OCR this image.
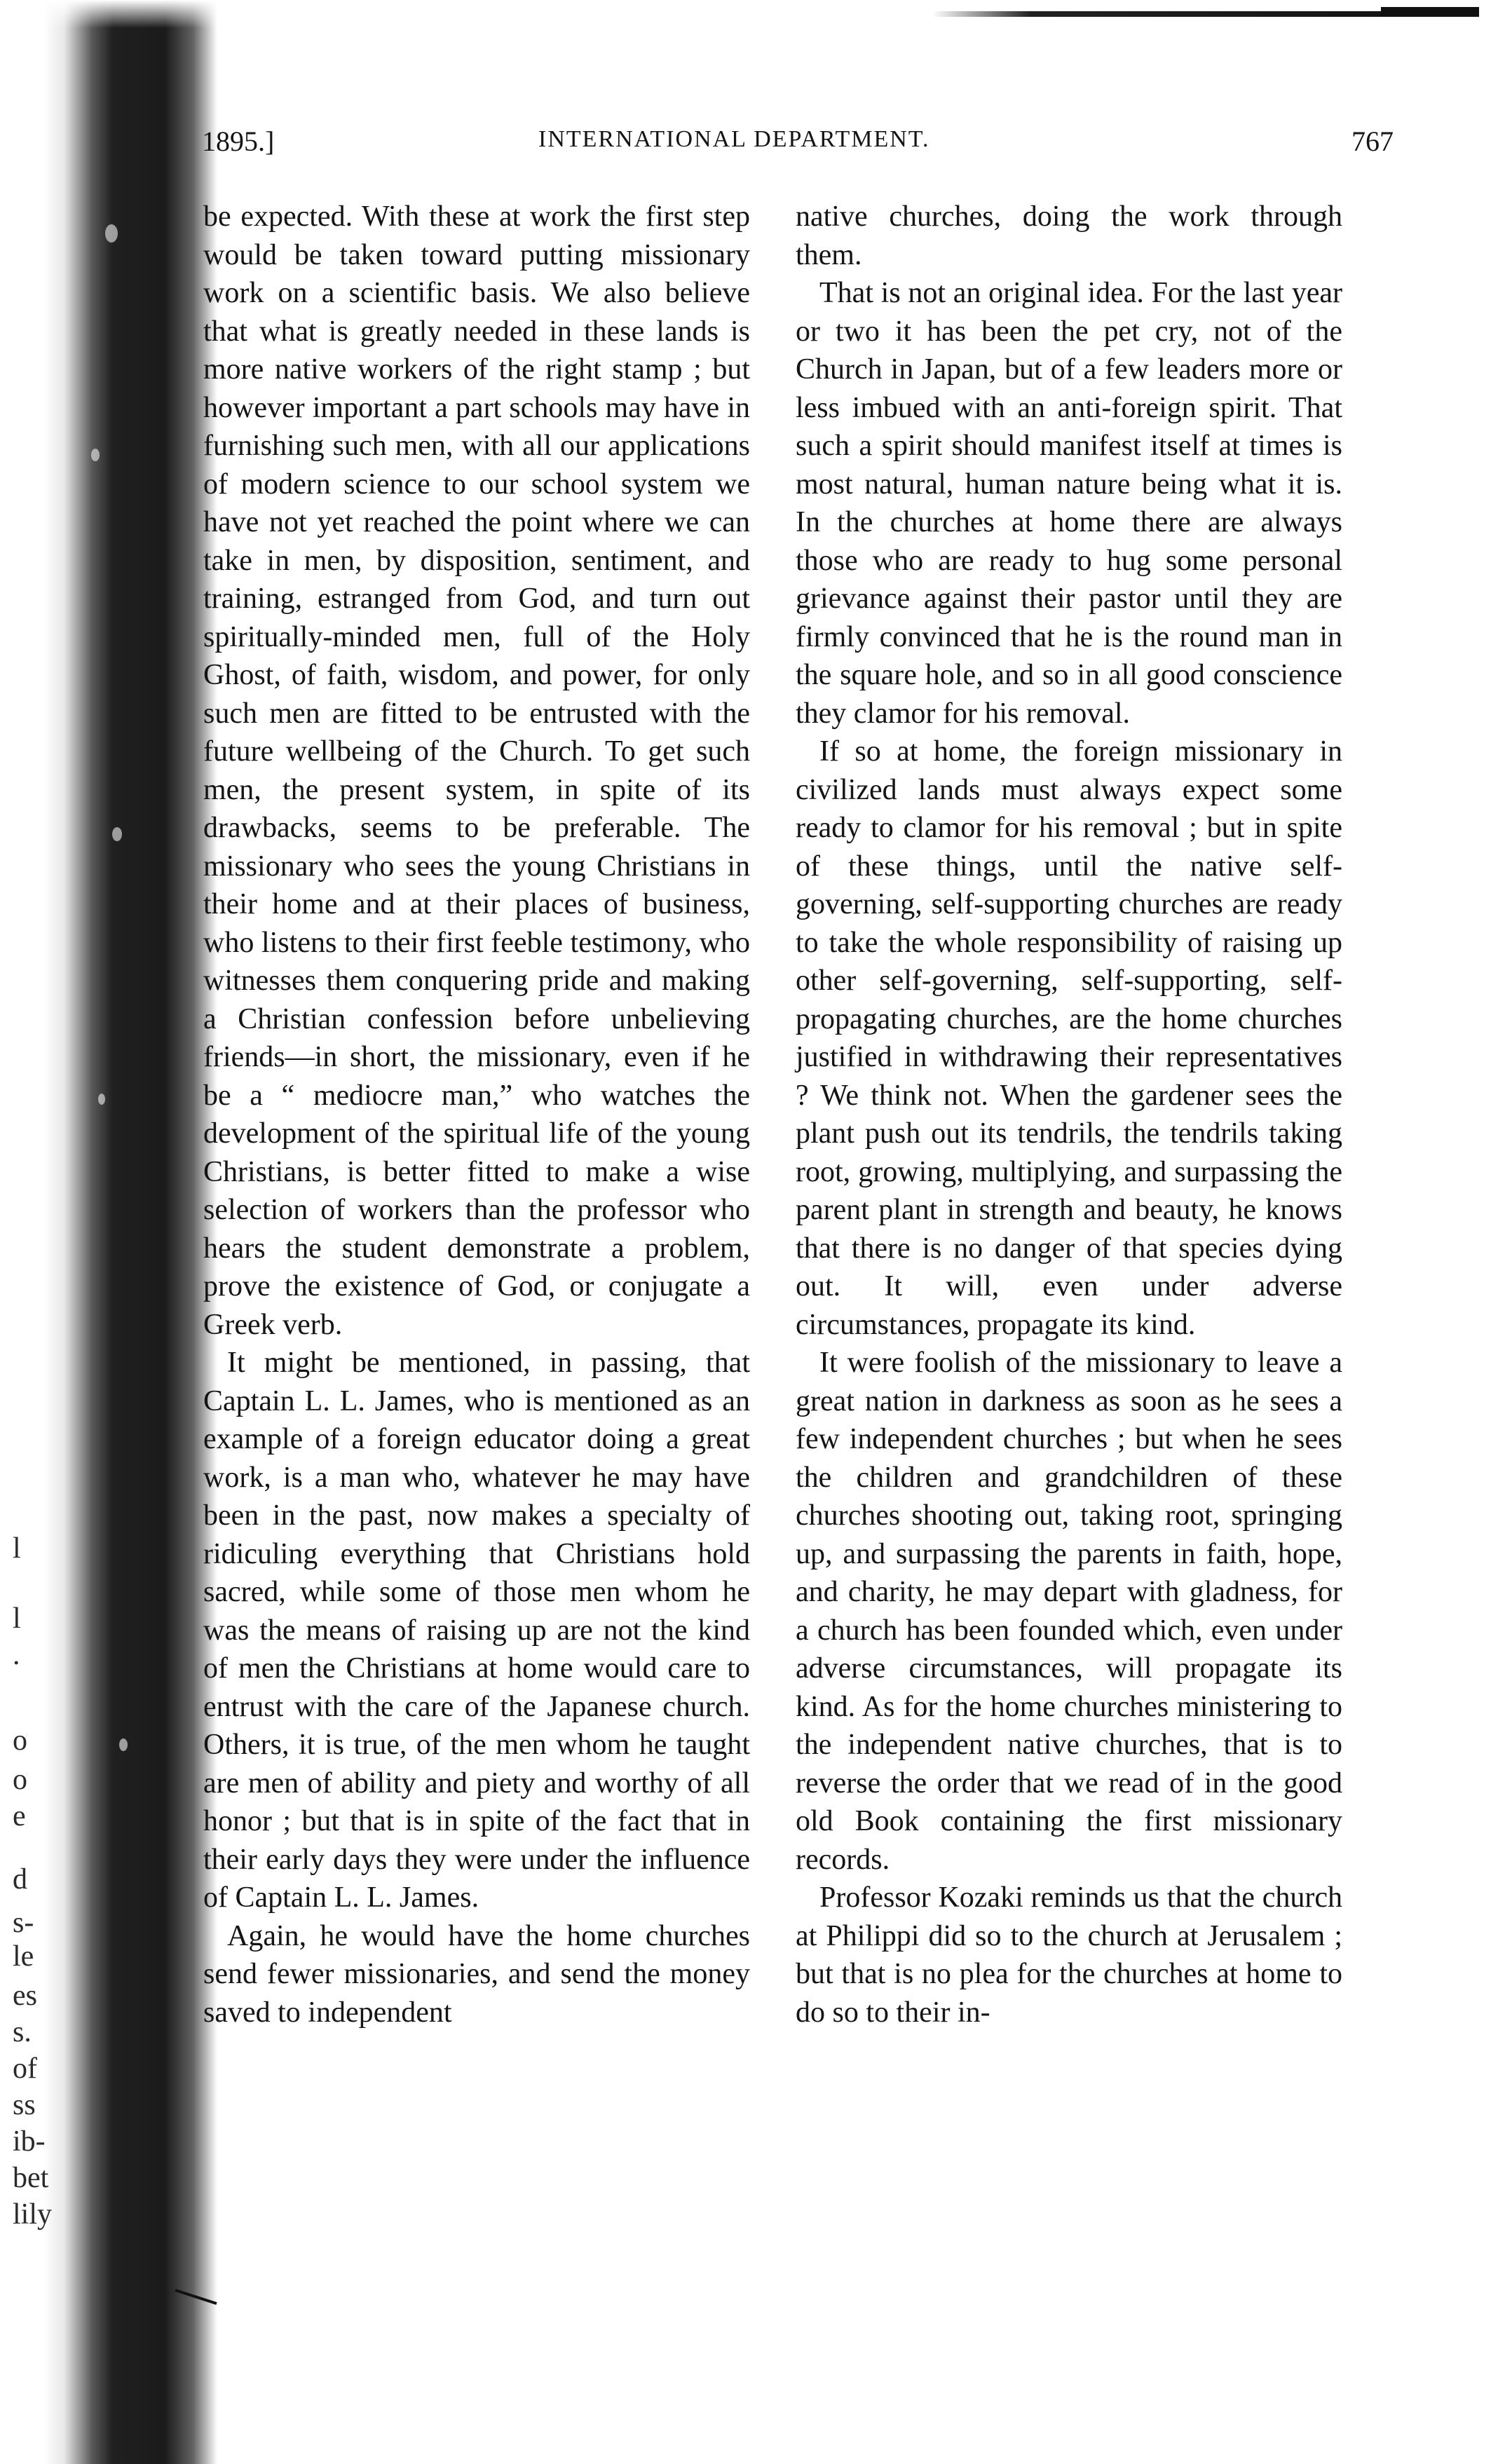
l
l
.
o
o
e
d
s-
le
es
s.
of
ss
ib-
bet
lily
1895.]	INTERNATIONAL DEPARTMENT.	767

be expected. With these at work the first step would be taken toward putting missionary work on a scientific basis. We also believe that what is greatly needed in these lands is more native workers of the right stamp ; but however important a part schools may have in furnishing such men, with all our applications of modern science to our school system we have not yet reached the point where we can take in men, by disposition, sentiment, and training, estranged from God, and turn out spiritually-minded men, full of the Holy Ghost, of faith, wisdom, and power, for only such men are fitted to be entrusted with the future wellbeing of the Church. To get such men, the present system, in spite of its drawbacks, seems to be preferable. The missionary who sees the young Christians in their home and at their places of business, who listens to their first feeble testimony, who witnesses them conquering pride and making a Christian confession before unbelieving friends—in short, the missionary, even if he be a “ mediocre man,” who watches the development of the spiritual life of the young Christians, is better fitted to make a wise selection of workers than the professor who hears the student demonstrate a problem, prove the existence of God, or conjugate a Greek verb.

It might be mentioned, in passing, that Captain L. L. James, who is mentioned as an example of a foreign educator doing a great work, is a man who, whatever he may have been in the past, now makes a specialty of ridiculing everything that Christians hold sacred, while some of those men whom he was the means of raising up are not the kind of men the Christians at home would care to entrust with the care of the Japanese church. Others, it is true, of the men whom he taught are men of ability and piety and worthy of all honor ; but that is in spite of the fact that in their early days they were under the influence of Captain L. L. James.

Again, he would have the home churches send fewer missionaries, and send the money saved to independent

native churches, doing the work through them.

That is not an original idea. For the last year or two it has been the pet cry, not of the Church in Japan, but of a few leaders more or less imbued with an anti-foreign spirit. That such a spirit should manifest itself at times is most natural, human nature being what it is. In the churches at home there are always those who are ready to hug some personal grievance against their pastor until they are firmly convinced that he is the round man in the square hole, and so in all good conscience they clamor for his removal.

If so at home, the foreign missionary in civilized lands must always expect some ready to clamor for his removal ; but in spite of these things, until the native self-governing, self-supporting churches are ready to take the whole responsibility of raising up other self-governing, self-supporting, self-propagating churches, are the home churches justified in withdrawing their representatives ? We think not. When the gardener sees the plant push out its tendrils, the tendrils taking root, growing, multiplying, and surpassing the parent plant in strength and beauty, he knows that there is no danger of that species dying out. It will, even under adverse circumstances, propagate its kind.

It were foolish of the missionary to leave a great nation in darkness as soon as he sees a few independent churches ; but when he sees the children and grandchildren of these churches shooting out, taking root, springing up, and surpassing the parents in faith, hope, and charity, he may depart with gladness, for a church has been founded which, even under adverse circumstances, will propagate its kind. As for the home churches ministering to the independent native churches, that is to reverse the order that we read of in the good old Book containing the first missionary records.

Professor Kozaki reminds us that the church at Philippi did so to the church at Jerusalem ; but that is no plea for the churches at home to do so to their in-
